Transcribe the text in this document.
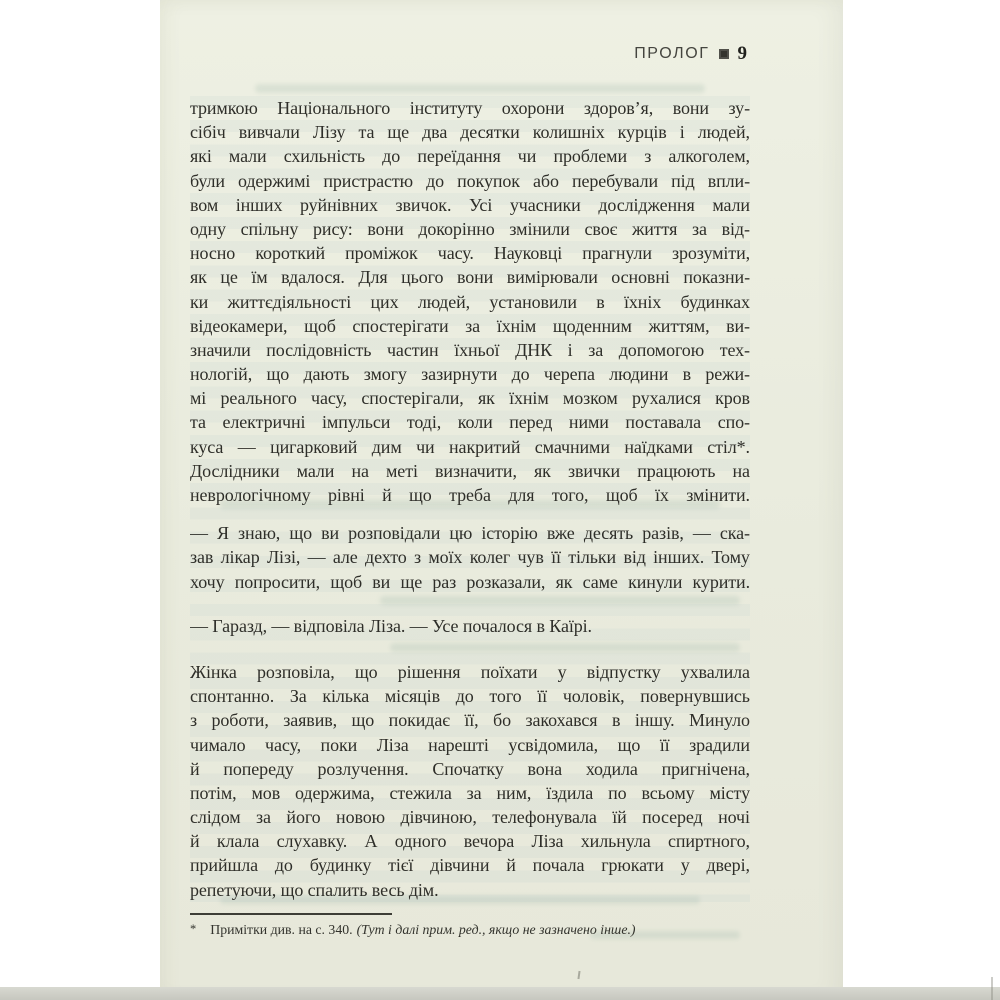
ПРОЛОГ 9
тримкою Національного інституту охорони здоров’я, вони зу-
сібіч вивчали Лізу та ще два десятки колишніх курців і людей,
які мали схильність до переїдання чи проблеми з алкоголем,
були одержимі пристрастю до покупок або перебували під впли-
вом інших руйнівних звичок. Усі учасники дослідження мали
одну спільну рису: вони докорінно змінили своє життя за від-
носно короткий проміжок часу. Науковці прагнули зрозуміти,
як це їм вдалося. Для цього вони вимірювали основні показни-
ки життєдіяльності цих людей, установили в їхніх будинках
відеокамери, щоб спостерігати за їхнім щоденним життям, ви-
значили послідовність частин їхньої ДНК і за допомогою тех-
нологій, що дають змогу зазирнути до черепа людини в режи-
мі реального часу, спостерігали, як їхнім мозком рухалися кров
та електричні імпульси тоді, коли перед ними поставала спо-
куса — цигарковий дим чи накритий смачними наїдками стіл*.
Дослідники мали на меті визначити, як звички працюють на
неврологічному рівні й що треба для того, щоб їх змінити.
— Я знаю, що ви розповідали цю історію вже десять разів, — ска-
зав лікар Лізі, — але дехто з моїх колег чув її тільки від інших. Тому
хочу попросити, щоб ви ще раз розказали, як саме кинули курити.
— Гаразд, — відповіла Ліза. — Усе почалося в Каїрі.
Жінка розповіла, що рішення поїхати у відпустку ухвалила
спонтанно. За кілька місяців до того її чоловік, повернувшись
з роботи, заявив, що покидає її, бо закохався в іншу. Минуло
чимало часу, поки Ліза нарешті усвідомила, що її зрадили
й попереду розлучення. Спочатку вона ходила пригнічена,
потім, мов одержима, стежила за ним, їздила по всьому місту
слідом за його новою дівчиною, телефонувала їй посеред ночі
й клала слухавку. А одного вечора Ліза хильнула спиртного,
прийшла до будинку тієї дівчини й почала грюкати у двері,
репетуючи, що спалить весь дім.
* Примітки див. на с. 340. (Тут і далі прим. ред., якщо не зазначено інше.)
